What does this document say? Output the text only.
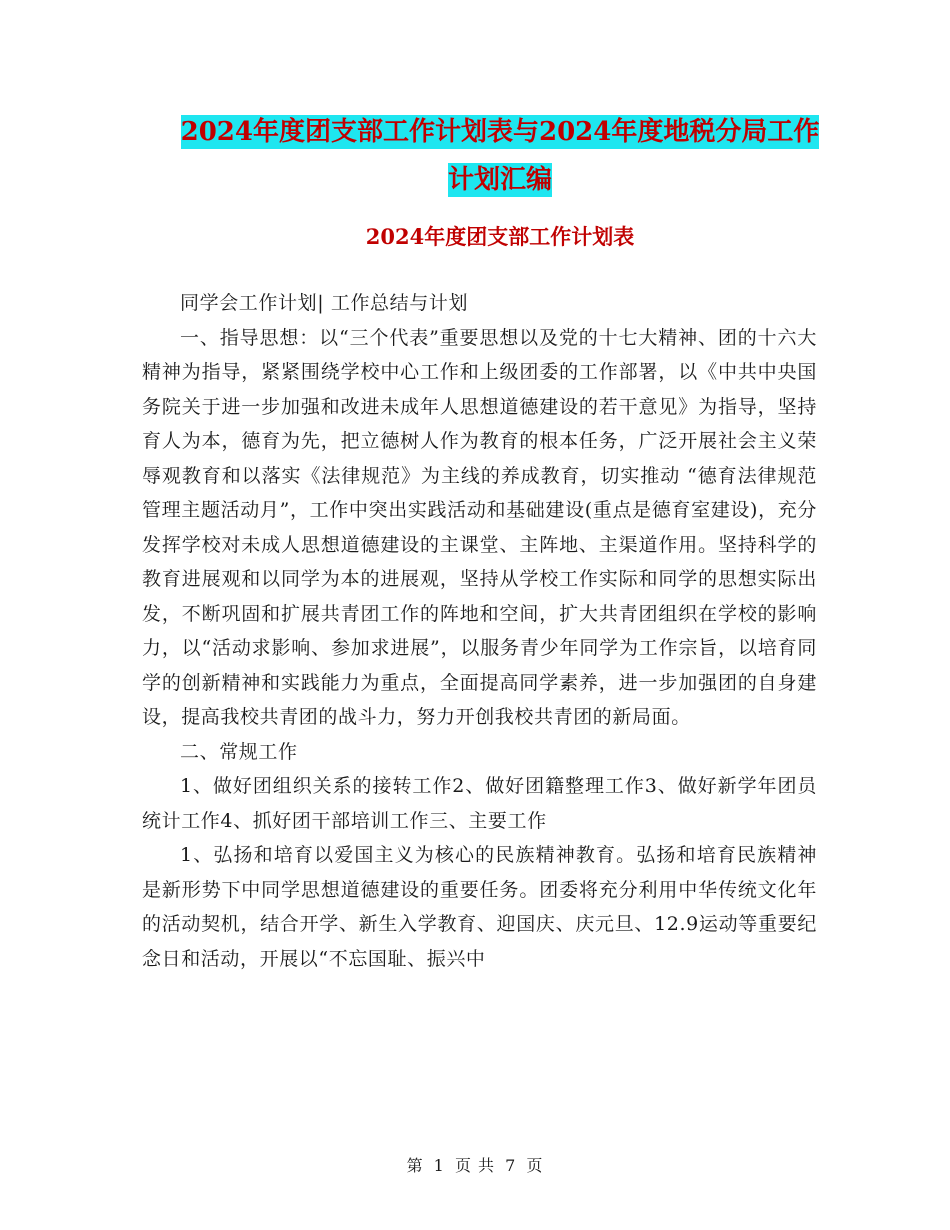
2024年度团支部工作计划表与2024年度地税分局工作
计划汇编
2024年度团支部工作计划表

同学会工作计划| 工作总结与计划

一、指导思想：以“三个代表”重要思想以及党的十七大精神、团的十六大精神为指导，紧紧围绕学校中心工作和上级团委的工作部署，以《中共中央国务院关于进一步加强和改进未成年人思想道德建设的若干意见》为指导，坚持育人为本，德育为先，把立德树人作为教育的根本任务，广泛开展社会主义荣辱观教育和以落实《法律规范》为主线的养成教育，切实推动 “德育法律规范管理主题活动月”，工作中突出实践活动和基础建设(重点是德育室建设)，充分发挥学校对未成人思想道德建设的主课堂、主阵地、主渠道作用。坚持科学的教育进展观和以同学为本的进展观，坚持从学校工作实际和同学的思想实际出发，不断巩固和扩展共青团工作的阵地和空间，扩大共青团组织在学校的影响力，以“活动求影响、参加求进展”，以服务青少年同学为工作宗旨，以培育同学的创新精神和实践能力为重点，全面提高同学素养，进一步加强团的自身建设，提高我校共青团的战斗力，努力开创我校共青团的新局面。

二、常规工作

1、做好团组织关系的接转工作2、做好团籍整理工作3、做好新学年团员统计工作4、抓好团干部培训工作三、主要工作

1、弘扬和培育以爱国主义为核心的民族精神教育。弘扬和培育民族精神是新形势下中同学思想道德建设的重要任务。团委将充分利用中华传统文化年的活动契机，结合开学、新生入学教育、迎国庆、庆元旦、12.9运动等重要纪念日和活动，开展以“不忘国耻、振兴中

第 1 页 共 7 页
